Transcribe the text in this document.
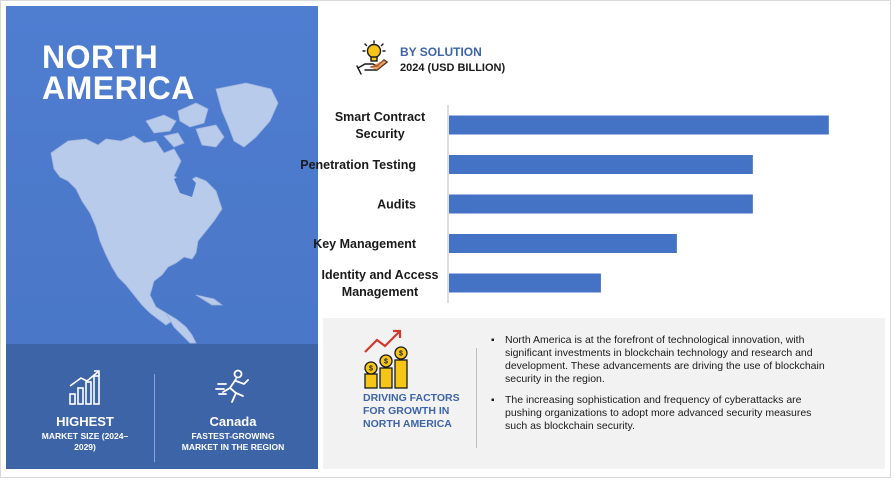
NORTH
AMERICA
HIGHEST
MARKET SIZE (2024–
2029)
Canada
FASTEST-GROWING
MARKET IN THE REGION
BY SOLUTION

2024 (USD BILLION)

Smart Contract Security
Penetration Testing
Audits
Key Management
Identity and Access Management
$
$
$
DRIVING FACTORS
FOR GROWTH IN
NORTH AMERICA
▪ North America is at the forefront of technological innovation, with significant investments in blockchain technology and research and development. These advancements are driving the use of blockchain security in the region.
▪ The increasing sophistication and frequency of cyberattacks are pushing organizations to adopt more advanced security measures such as blockchain security.
